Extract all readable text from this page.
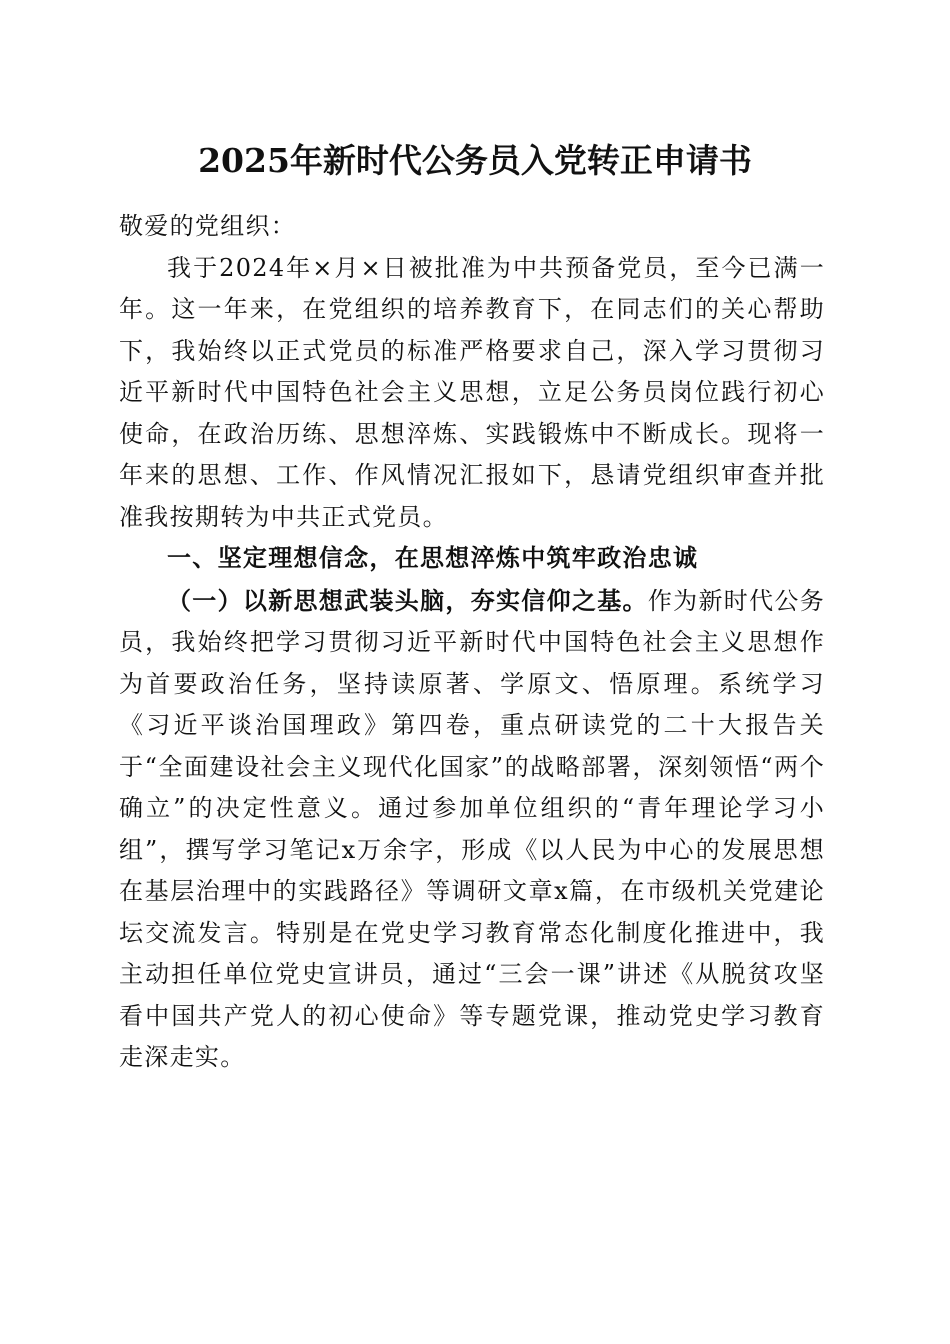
2025年新时代公务员入党转正申请书

敬爱的党组织：

我于2024年×月×日被批准为中共预备党员，至今已满一年。这一年来，在党组织的培养教育下，在同志们的关心帮助下，我始终以正式党员的标准严格要求自己，深入学习贯彻习近平新时代中国特色社会主义思想，立足公务员岗位践行初心使命，在政治历练、思想淬炼、实践锻炼中不断成长。现将一年来的思想、工作、作风情况汇报如下，恳请党组织审查并批准我按期转为中共正式党员。

一、坚定理想信念，在思想淬炼中筑牢政治忠诚

（一）以新思想武装头脑，夯实信仰之基。作为新时代公务员，我始终把学习贯彻习近平新时代中国特色社会主义思想作为首要政治任务，坚持读原著、学原文、悟原理。系统学习《习近平谈治国理政》第四卷，重点研读党的二十大报告关于“全面建设社会主义现代化国家”的战略部署，深刻领悟“两个确立”的决定性意义。通过参加单位组织的“青年理论学习小组”，撰写学习笔记x万余字，形成《以人民为中心的发展思想在基层治理中的实践路径》等调研文章x篇，在市级机关党建论坛交流发言。特别是在党史学习教育常态化制度化推进中，我主动担任单位党史宣讲员，通过“三会一课”讲述《从脱贫攻坚看中国共产党人的初心使命》等专题党课，推动党史学习教育走深走实。
